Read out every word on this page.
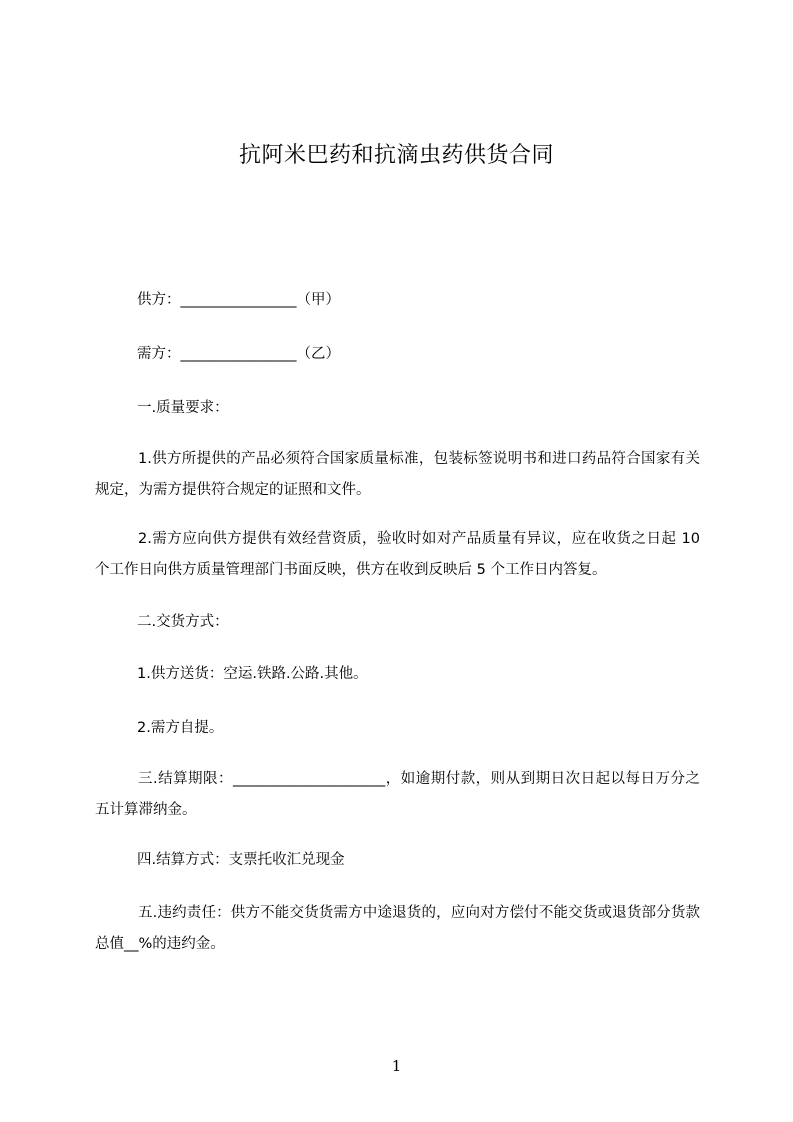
抗阿米巴药和抗滴虫药供货合同
供方：________________（甲）
需方：________________（乙）
一.质量要求：
1.供方所提供的产品必须符合国家质量标准，包装标签说明书和进口药品符合国家有关规定，为需方提供符合规定的证照和文件。
2.需方应向供方提供有效经营资质，验收时如对产品质量有异议，应在收货之日起 10 个工作日向供方质量管理部门书面反映，供方在收到反映后 5 个工作日内答复。
二.交货方式：
1.供方送货：空运.铁路.公路.其他。
2.需方自提。
三.结算期限：_____________________，如逾期付款，则从到期日次日起以每日万分之五计算滞纳金。
四.结算方式：支票托收汇兑现金
五.违约责任：供方不能交货货需方中途退货的，应向对方偿付不能交货或退货部分货款总值__%的违约金。
1
